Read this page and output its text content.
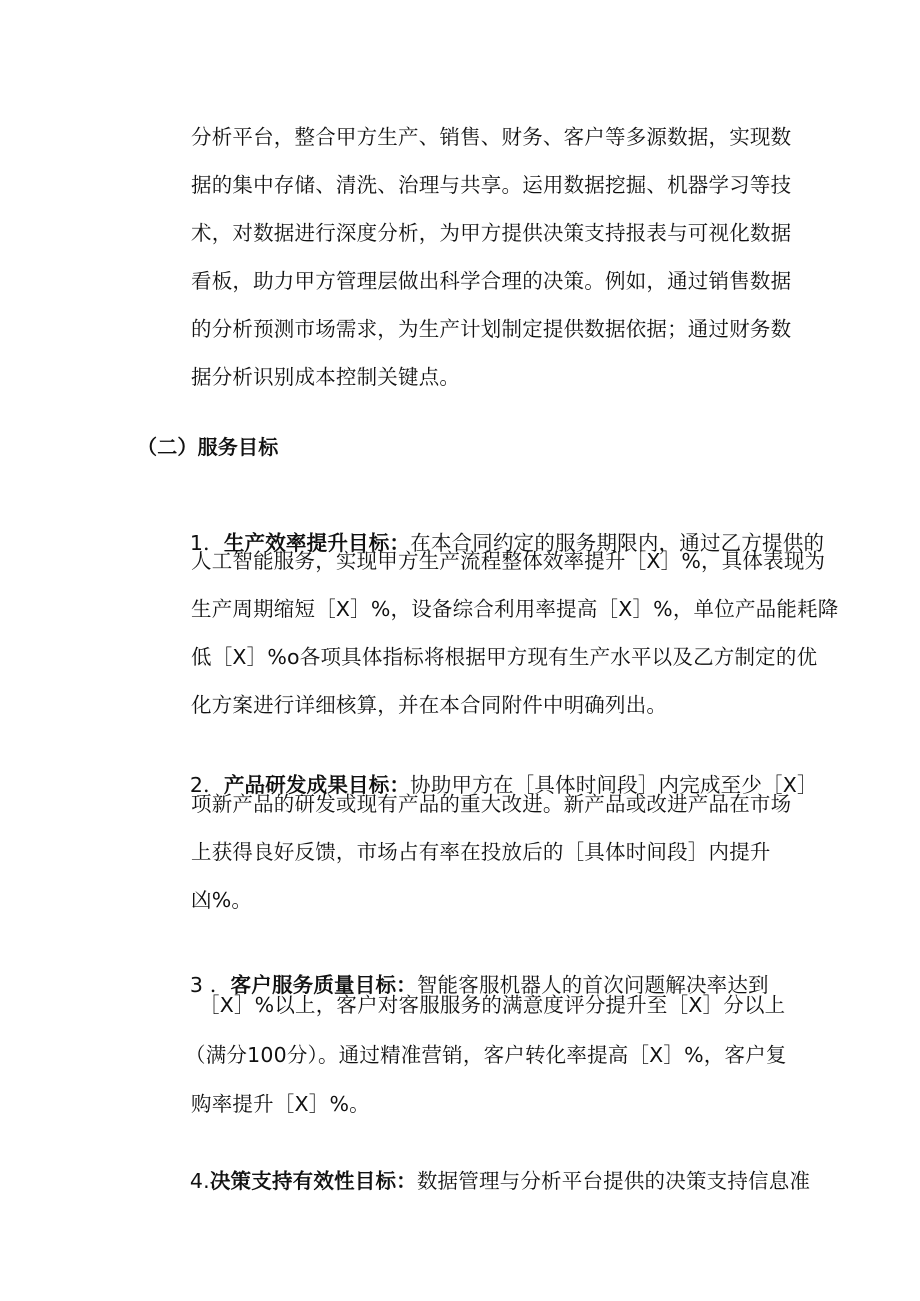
分析平台，整合甲方生产、销售、财务、客户等多源数据，实现数
据的集中存储、清洗、治理与共享。运用数据挖掘、机器学习等技
术，对数据进行深度分析，为甲方提供决策支持报表与可视化数据
看板，助力甲方管理层做出科学合理的决策。例如，通过销售数据
的分析预测市场需求，为生产计划制定提供数据依据；通过财务数
据分析识别成本控制关键点。
（二）服务目标

1．生产效率提升目标：在本合同约定的服务期限内，通过乙方提供的

人工智能服务，实现甲方生产流程整体效率提升［X］%，具体表现为
生产周期缩短［X］%，设备综合利用率提高［X］%，单位产品能耗降
低［X］%o各项具体指标将根据甲方现有生产水平以及乙方制定的优
化方案进行详细核算，并在本合同附件中明确列出。

2．产品研发成果目标：协助甲方在［具体时间段］内完成至少［X］

项新产品的研发或现有产品的重大改进。新产品或改进产品在市场
上获得良好反馈，市场占有率在投放后的［具体时间段］内提升
凶%。

3 ．客户服务质量目标：智能客服机器人的首次问题解决率达到

［X］%以上，客户对客服服务的满意度评分提升至［X］分以上
（满分100分）。通过精准营销，客户转化率提高［X］%，客户复
购率提升［X］%。

4.决策支持有效性目标：数据管理与分析平台提供的决策支持信息准
